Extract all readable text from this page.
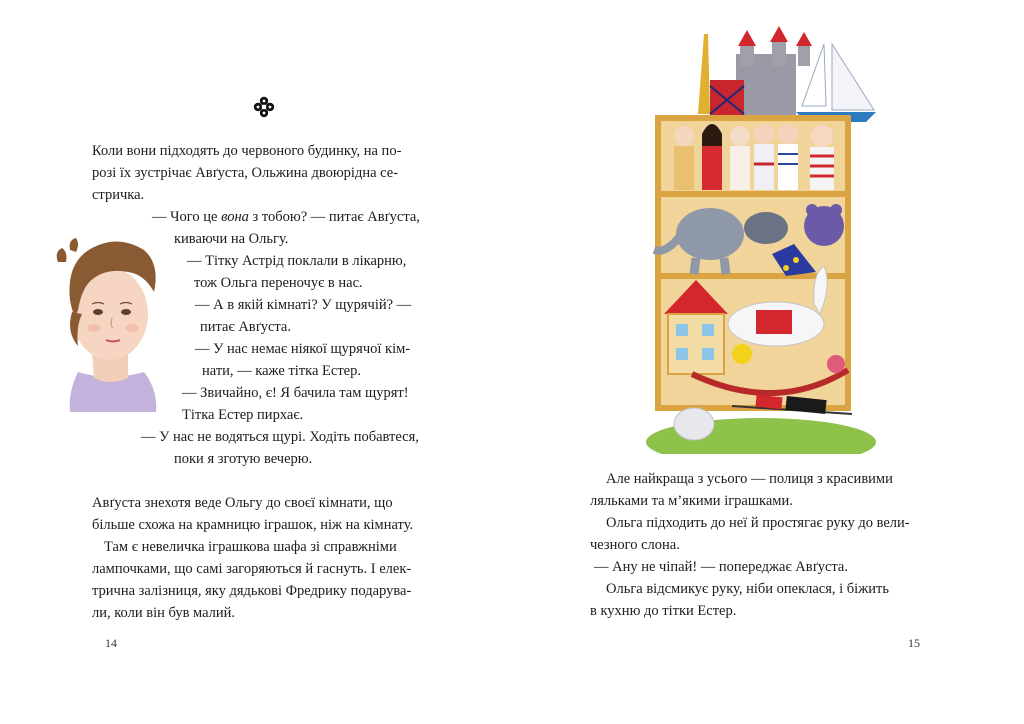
Коли вони підходять до червоного будинку, на по-
розі їх зустрічає Авґуста, Ольжина двоюрідна се-
стричка.
— Чого це вона з тобою? — питає Авґуста,
киваючи на Ольгу.
— Тітку Астрід поклали в лікарню,
тож Ольга переночує в нас.
— А в якій кімнаті? У щурячій? —
питає Авґуста.
— У нас немає ніякої щурячої кім-
нати, — каже тітка Естер.
— Звичайно, є! Я бачила там щурят!
Тітка Естер пирхає.
— У нас не водяться щурі. Ходіть побавтеся,
поки я зготую вечерю.
Авґуста знехотя веде Ольгу до своєї кімнати, що
більше схожа на крамницю іграшок, ніж на кімнату.
Там є невеличка іграшкова шафа зі справжніми
лампочками, що самі загоряються й гаснуть. І елек-
трична залізниця, яку дядькові Фредрику подарува-
ли, коли він був малий.
14
Але найкраща з усього — полиця з красивими
ляльками та м’якими іграшками.
Ольга підходить до неї й простягає руку до вели-
чезного слона.
— Ану не чіпай! — попереджає Авґуста.
Ольга відсмикує руку, ніби опеклася, і біжить
в кухню до тітки Естер.
15
